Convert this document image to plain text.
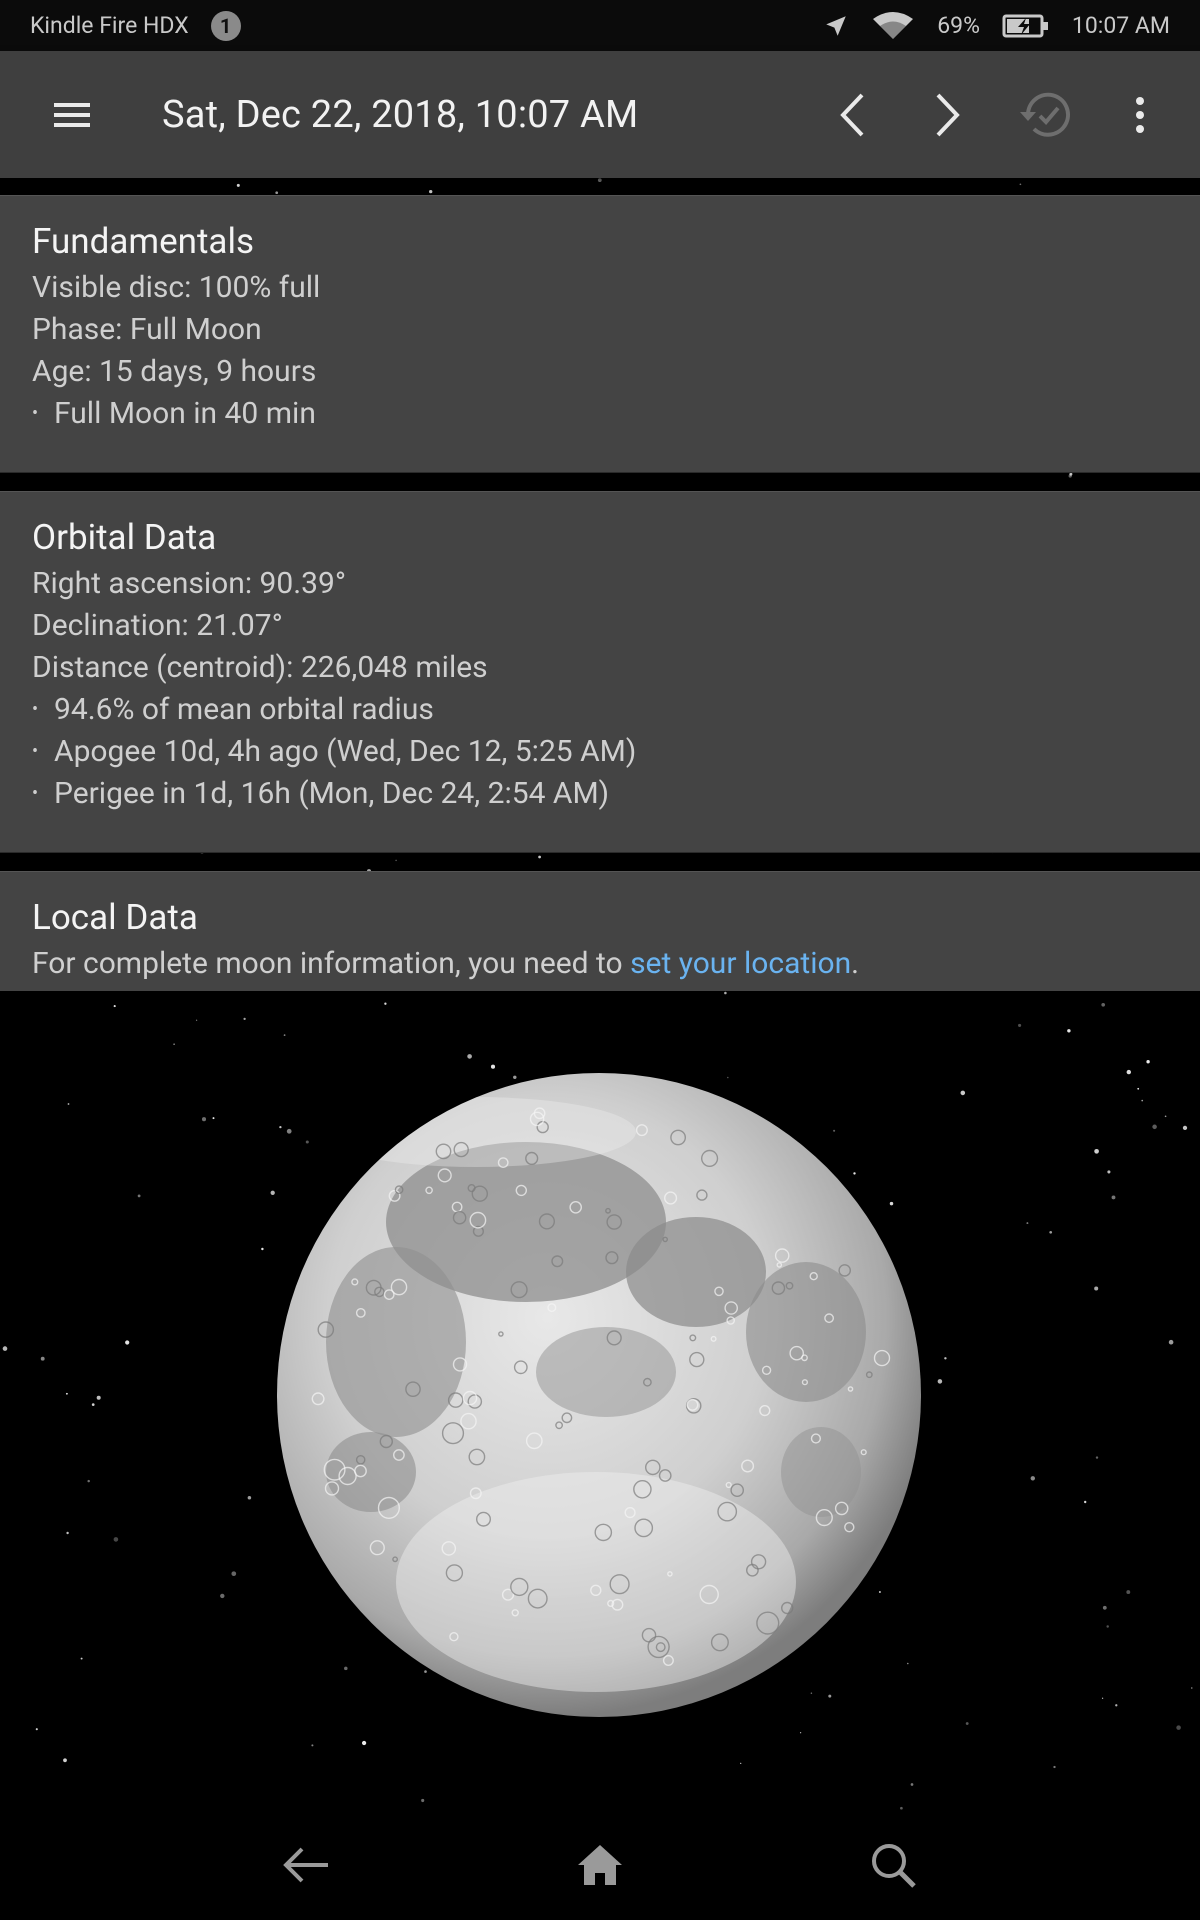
Kindle Fire HDX	1	69%	10:07 AM
Sat, Dec 22, 2018, 10:07 AM
Fundamentals
Visible disc: 100% full
Phase: Full Moon
Age: 15 days, 9 hours
• Full Moon in 40 min
Orbital Data
Right ascension: 90.39°
Declination: 21.07°
Distance (centroid): 226,048 miles
• 94.6% of mean orbital radius
• Apogee 10d, 4h ago (Wed, Dec 12, 5:25 AM)
• Perigee in 1d, 16h (Mon, Dec 24, 2:54 AM)
Local Data
For complete moon information, you need to set your location.
